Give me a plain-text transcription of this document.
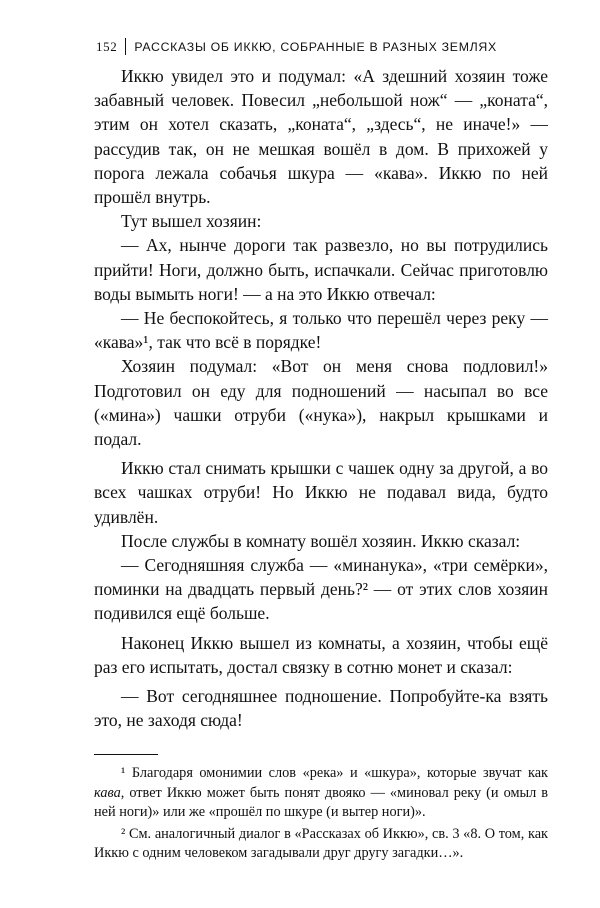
152	РАССКАЗЫ ОБ ИККЮ, СОБРАННЫЕ В РАЗНЫХ ЗЕМЛЯХ

Иккю увидел это и подумал: «А здешний хозяин тоже забавный человек. Повесил „небольшой нож“ — „коната“, этим он хотел сказать, „коната“, „здесь“, не иначе!» — рассудив так, он не мешкая вошёл в дом. В прихожей у порога лежала собачья шкура — «кава». Иккю по ней прошёл внутрь.

Тут вышел хозяин:

— Ах, нынче дороги так развезло, но вы потрудились прийти! Ноги, должно быть, испачкали. Сейчас приготовлю воды вымыть ноги! — а на это Иккю отвечал:

— Не беспокойтесь, я только что перешёл через реку — «кава»¹, так что всё в порядке!

Хозяин подумал: «Вот он меня снова подловил!» Подготовил он еду для подношений — насыпал во все («мина») чашки отруби («нука»), накрыл крышками и подал.

Иккю стал снимать крышки с чашек одну за другой, а во всех чашках отруби! Но Иккю не подавал вида, будто удивлён.

После службы в комнату вошёл хозяин. Иккю сказал:

— Сегодняшняя служба — «минанука», «три семёрки», поминки на двадцать первый день?² — от этих слов хозяин подивился ещё больше.

Наконец Иккю вышел из комнаты, а хозяин, чтобы ещё раз его испытать, достал связку в сотню монет и сказал:

— Вот сегодняшнее подношение. Попробуйте-ка взять это, не заходя сюда!

¹ Благодаря омонимии слов «река» и «шкура», которые звучат как кава, ответ Иккю может быть понят двояко — «миновал реку (и омыл в ней ноги)» или же «прошёл по шкуре (и вытер ноги)».

² См. аналогичный диалог в «Рассказах об Иккю», св. 3 «8. О том, как Иккю с одним человеком загадывали друг другу загадки…».
